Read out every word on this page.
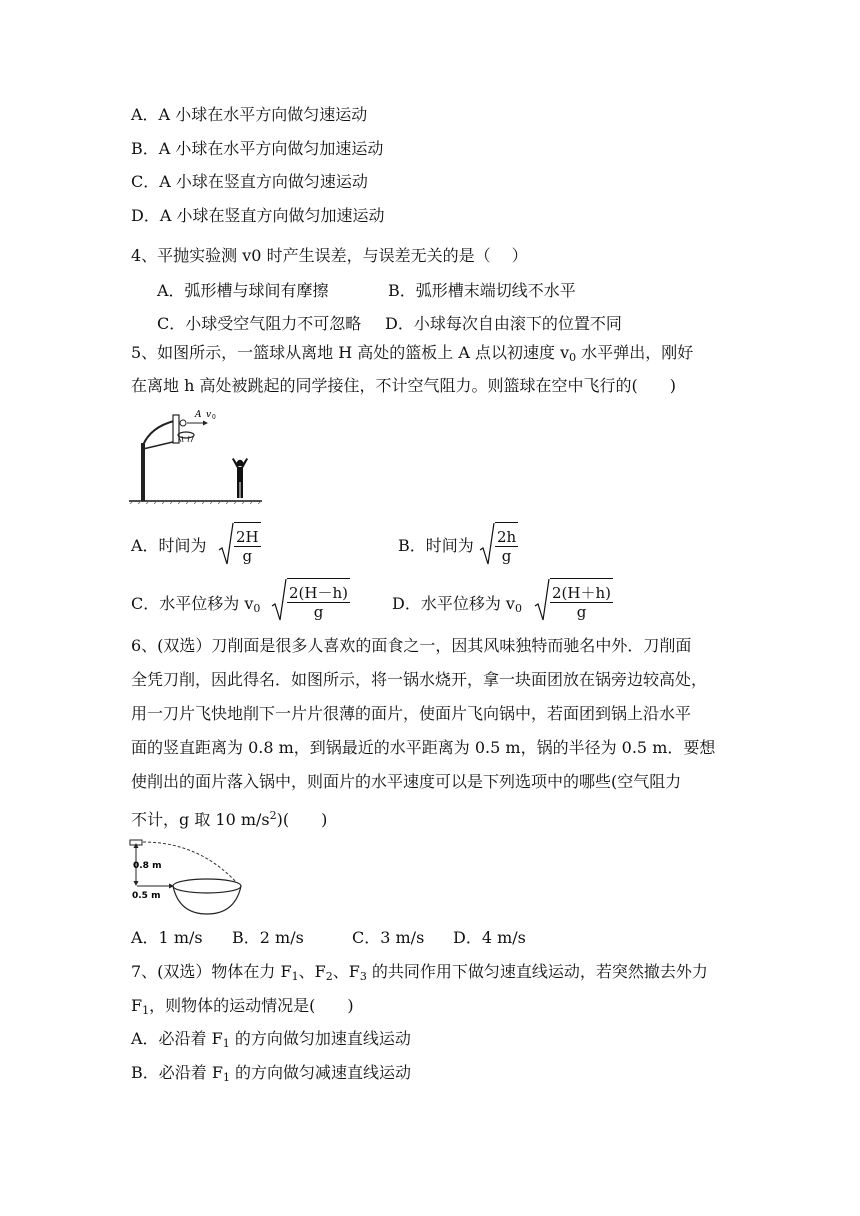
A．A 小球在水平方向做匀速运动
B．A 小球在水平方向做匀加速运动
C．A 小球在竖直方向做匀速运动
D．A 小球在竖直方向做匀加速运动
4、平抛实验测 v0 时产生误差，与误差无关的是（　 ）
A．弧形槽与球间有摩擦	B．弧形槽末端切线不水平
C．小球受空气阻力不可忽略 D．小球每次自由滚下的位置不同
5、如图所示，一篮球从离地 H 高处的篮板上 A 点以初速度 $v_0$ 水平弹出，刚好
在离地 h 高处被跳起的同学接住，不计空气阻力。则篮球在空中飞行的(　　)
A v 0
A．时间为 $\frac{2H}{g}$	B．时间为 $\frac{2h}{g}$
C．水平位移为 $v_0 \frac{2(H-h)}{g}$	D．水平位移为 $v_0 \frac{2(H+h)}{g}$
6、(双选）刀削面是很多人喜欢的面食之一，因其风味独特而驰名中外．刀削面
全凭刀削，因此得名．如图所示，将一锅水烧开，拿一块面团放在锅旁边较高处，
用一刀片飞快地削下一片片很薄的面片，使面片飞向锅中，若面团到锅上沿水平
面的竖直距离为 0.8 m，到锅最近的水平距离为 0.5 m，锅的半径为 0.5 m．要想
使削出的面片落入锅中，则面片的水平速度可以是下列选项中的哪些(空气阻力
不计，g 取 10 $m/s^2$)(　　)
0.8 m
0.5 m
A．1 m/s B．2 m/s	C．3 m/s D．4 m/s
7、(双选）物体在力 $F_1$、$F_2$、$F_3$ 的共同作用下做匀速直线运动，若突然撤去外力
$F_1$，则物体的运动情况是(　　)
A．必沿着 $F_1$ 的方向做匀加速直线运动
B．必沿着 $F_1$ 的方向做匀减速直线运动
